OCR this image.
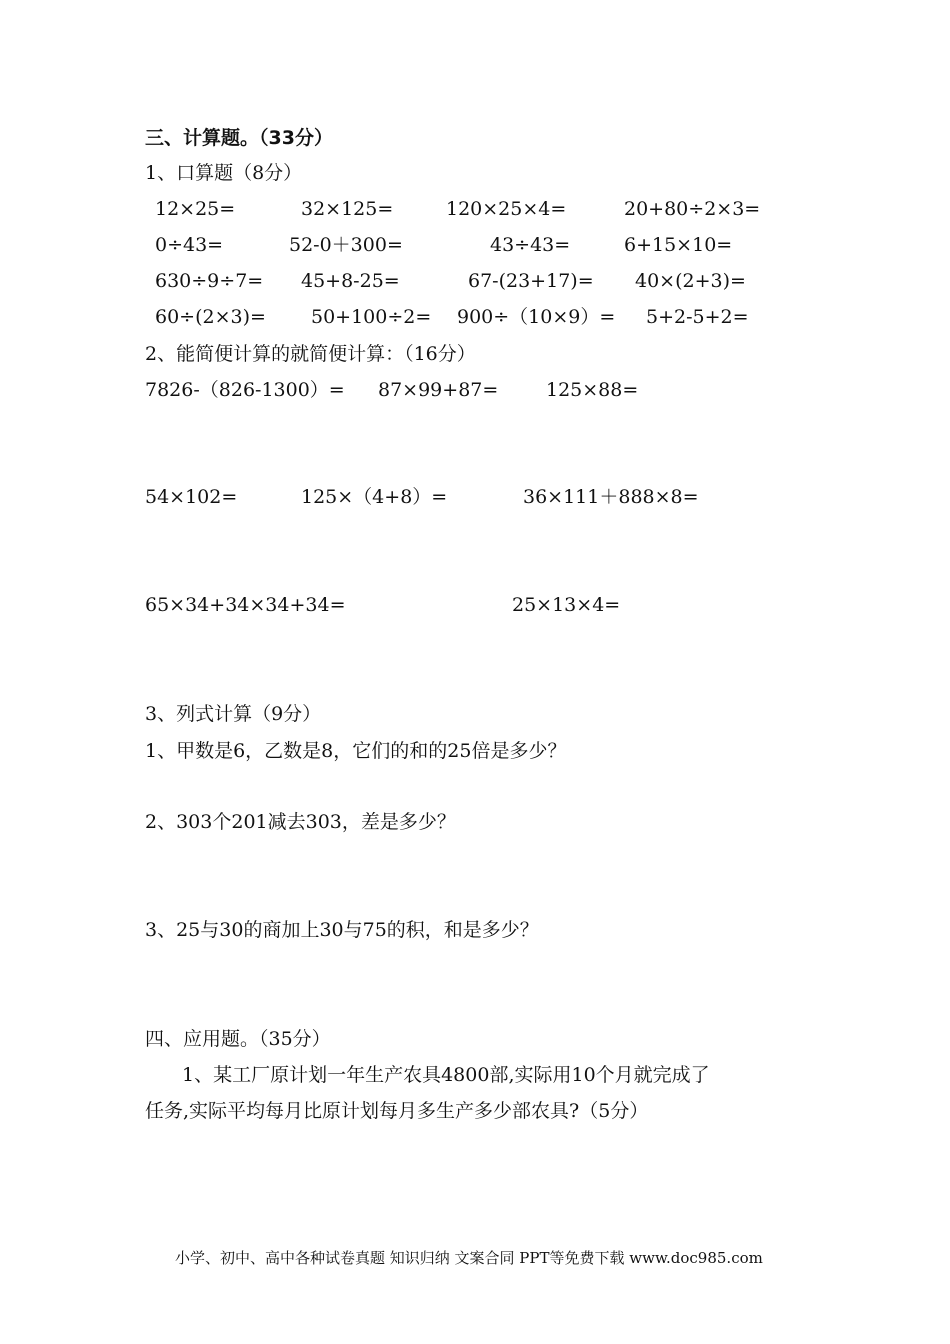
三、计算题。（33分）
1、口算题（8分）
12×25=	32×125=	120×25×4=	20+80÷2×3=
0÷43=	52-0＋300=	43÷43=	6+15×10=
630÷9÷7= 45+8-25=	67-(23+17)= 40×(2+3)=
60÷(2×3)= 50+100÷2= 900÷（10×9）= 5+2-5+2=
2、能简便计算的就简便计算：（16分）
7826-（826-1300）= 87×99+87=	125×88=
54×102=	125×（4+8）=	36×111＋888×8=
65×34+34×34+34=	25×13×4=
3、列式计算（9分）
1、甲数是6，乙数是8，它们的和的25倍是多少？
2、303个201减去303，差是多少？
3、25与30的商加上30与75的积，和是多少？
四、应用题。（35分）
1、某工厂原计划一年生产农具4800部,实际用10个月就完成了
任务,实际平均每月比原计划每月多生产多少部农具?（5分）
小学、初中、高中各种试卷真题 知识归纳 文案合同 PPT等免费下载 www.doc985.com
